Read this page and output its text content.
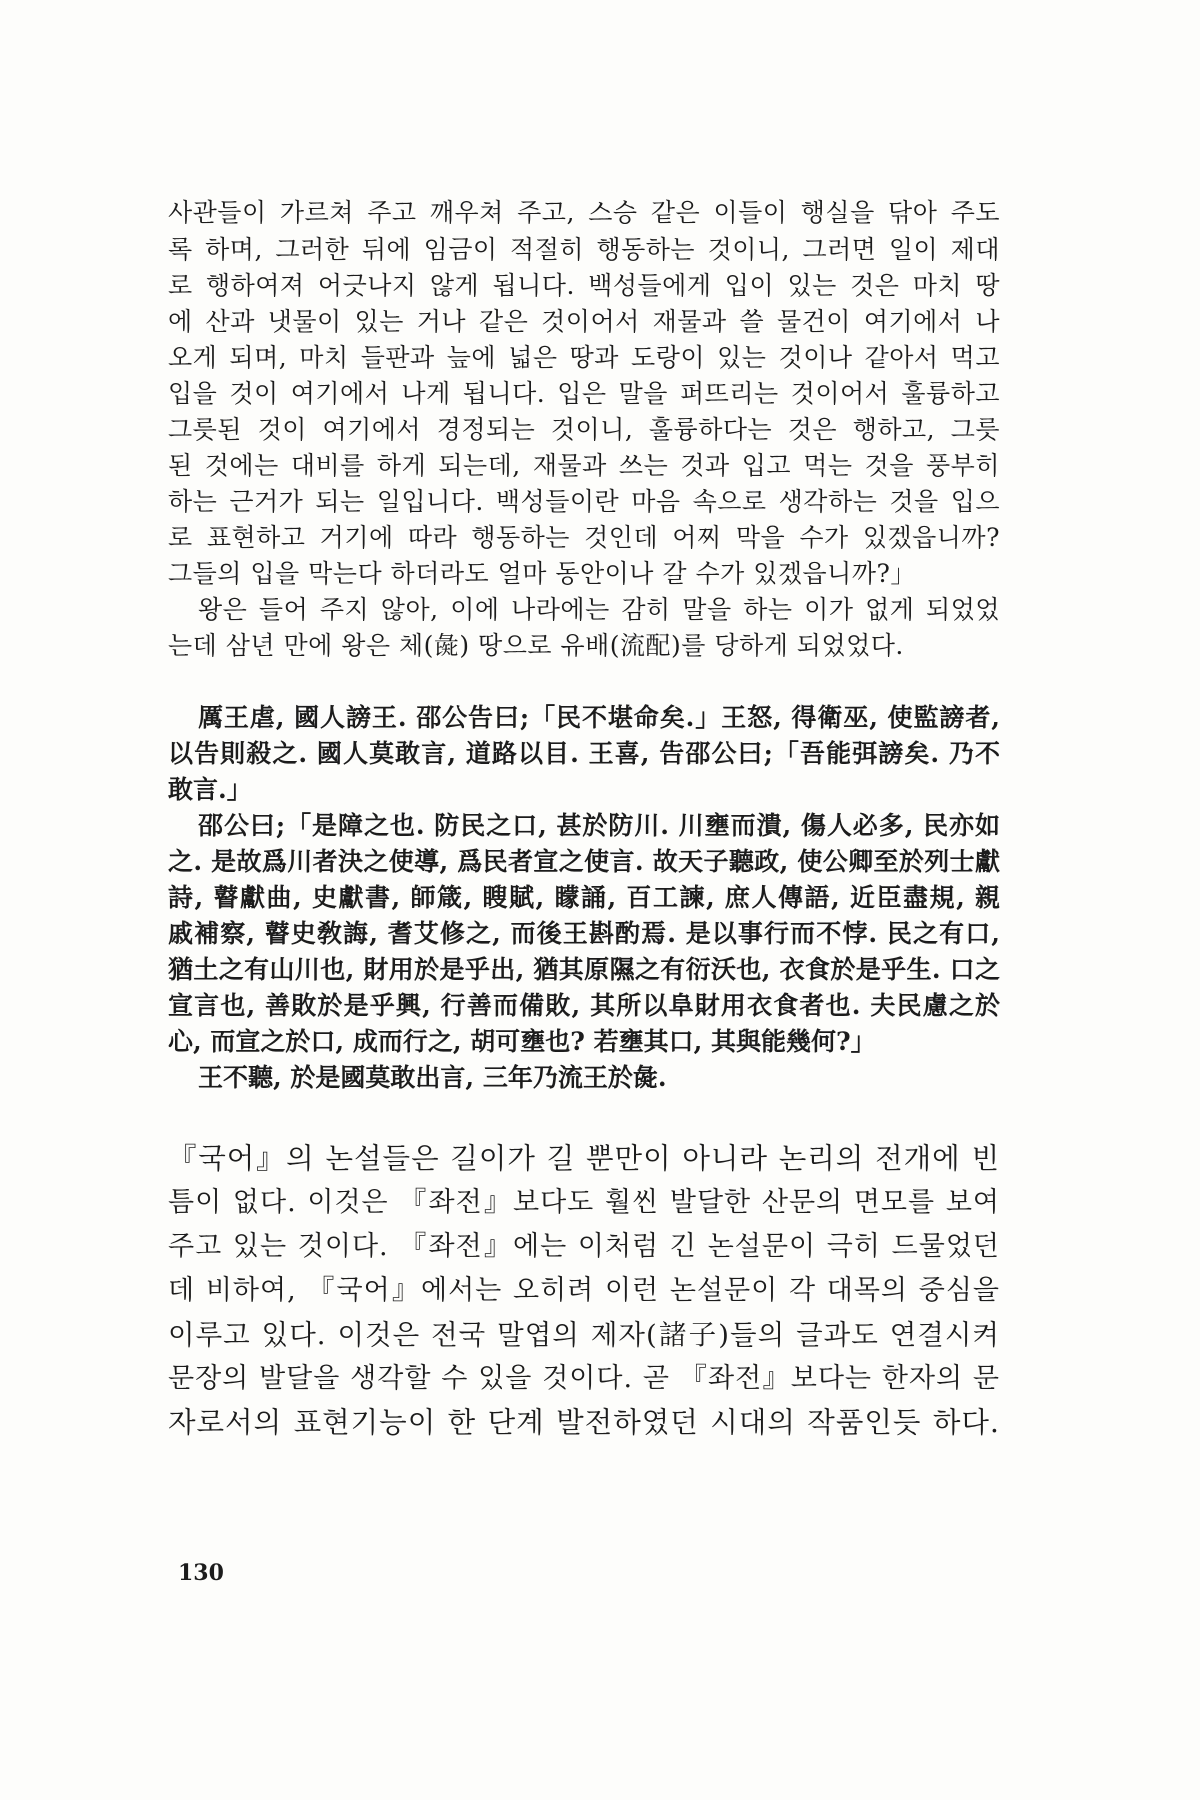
사관들이 가르쳐 주고 깨우쳐 주고, 스승 같은 이들이 행실을 닦아 주도
록 하며, 그러한 뒤에 임금이 적절히 행동하는 것이니, 그러면 일이 제대
로 행하여져 어긋나지 않게 됩니다. 백성들에게 입이 있는 것은 마치 땅
에 산과 냇물이 있는 거나 같은 것이어서 재물과 쓸 물건이 여기에서 나
오게 되며, 마치 들판과 늪에 넓은 땅과 도랑이 있는 것이나 같아서 먹고
입을 것이 여기에서 나게 됩니다. 입은 말을 퍼뜨리는 것이어서 훌륭하고
그릇된 것이 여기에서 경정되는 것이니, 훌륭하다는 것은 행하고, 그릇
된 것에는 대비를 하게 되는데, 재물과 쓰는 것과 입고 먹는 것을 풍부히
하는 근거가 되는 일입니다. 백성들이란 마음 속으로 생각하는 것을 입으
로 표현하고 거기에 따라 행동하는 것인데 어찌 막을 수가 있겠읍니까?
그들의 입을 막는다 하더라도 얼마 동안이나 갈 수가 있겠읍니까?」
왕은 들어 주지 않아, 이에 나라에는 감히 말을 하는 이가 없게 되었었
는데 삼년 만에 왕은 체(彘) 땅으로 유배(流配)를 당하게 되었었다.
厲王虐, 國人謗王. 邵公告曰;「民不堪命矣.」王怒, 得衛巫, 使監謗者,
以告則殺之. 國人莫敢言, 道路以目. 王喜, 告邵公曰;「吾能弭謗矣. 乃不
敢言.」
邵公曰;「是障之也. 防民之口, 甚於防川. 川壅而潰, 傷人必多, 民亦如
之. 是故爲川者決之使導, 爲民者宣之使言. 故天子聽政, 使公卿至於列士獻
詩, 瞽獻曲, 史獻書, 師箴, 瞍賦, 矇誦, 百工諫, 庶人傳語, 近臣盡規, 親
戚補察, 瞽史敎誨, 耆艾修之, 而後王斟酌焉. 是以事行而不悖. 民之有口,
猶土之有山川也, 財用於是乎出, 猶其原隰之有衍沃也, 衣食於是乎生. 口之
宣言也, 善敗於是乎興, 行善而備敗, 其所以阜財用衣食者也. 夫民慮之於
心, 而宣之於口, 成而行之, 胡可壅也? 若壅其口, 其與能幾何?」
王不聽, 於是國莫敢出言, 三年乃流王於彘.
『국어』의 논설들은 길이가 길 뿐만이 아니라 논리의 전개에 빈
틈이 없다. 이것은 『좌전』보다도 훨씬 발달한 산문의 면모를 보여
주고 있는 것이다. 『좌전』에는 이처럼 긴 논설문이 극히 드물었던
데 비하여, 『국어』에서는 오히려 이런 논설문이 각 대목의 중심을
이루고 있다. 이것은 전국 말엽의 제자(諸子)들의 글과도 연결시켜
문장의 발달을 생각할 수 있을 것이다. 곧 『좌전』보다는 한자의 문
자로서의 표현기능이 한 단계 발전하였던 시대의 작품인듯 하다.
130
